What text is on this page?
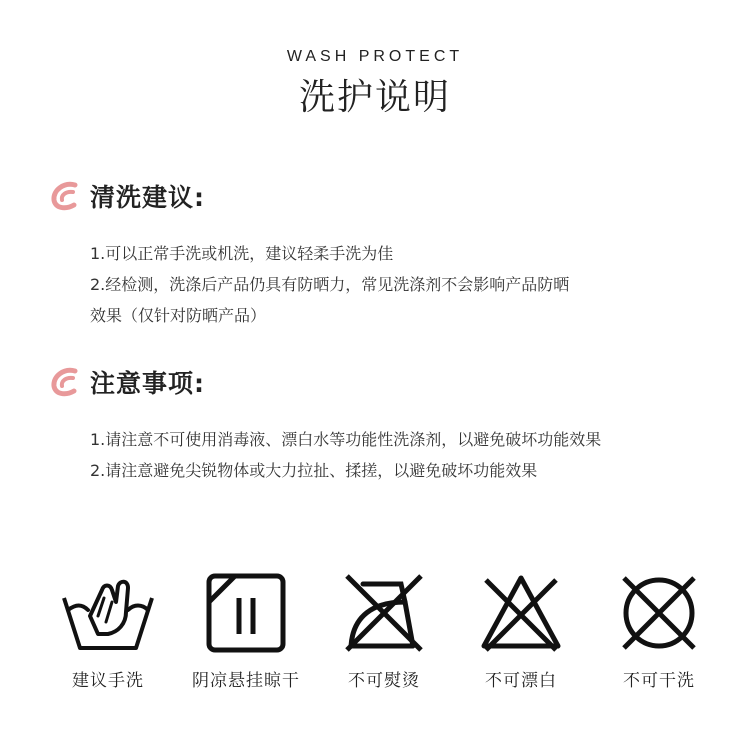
WASH PROTECT
洗护说明
清洗建议:
1.可以正常手洗或机洗，建议轻柔手洗为佳
2.经检测，洗涤后产品仍具有防晒力，常见洗涤剂不会影响产品防晒
效果（仅针对防晒产品）
注意事项:
1.请注意不可使用消毒液、漂白水等功能性洗涤剂，以避免破坏功能效果
2.请注意避免尖锐物体或大力拉扯、揉搓，以避免破坏功能效果
建议手洗	阴凉悬挂晾干	不可熨烫	不可漂白	不可干洗
